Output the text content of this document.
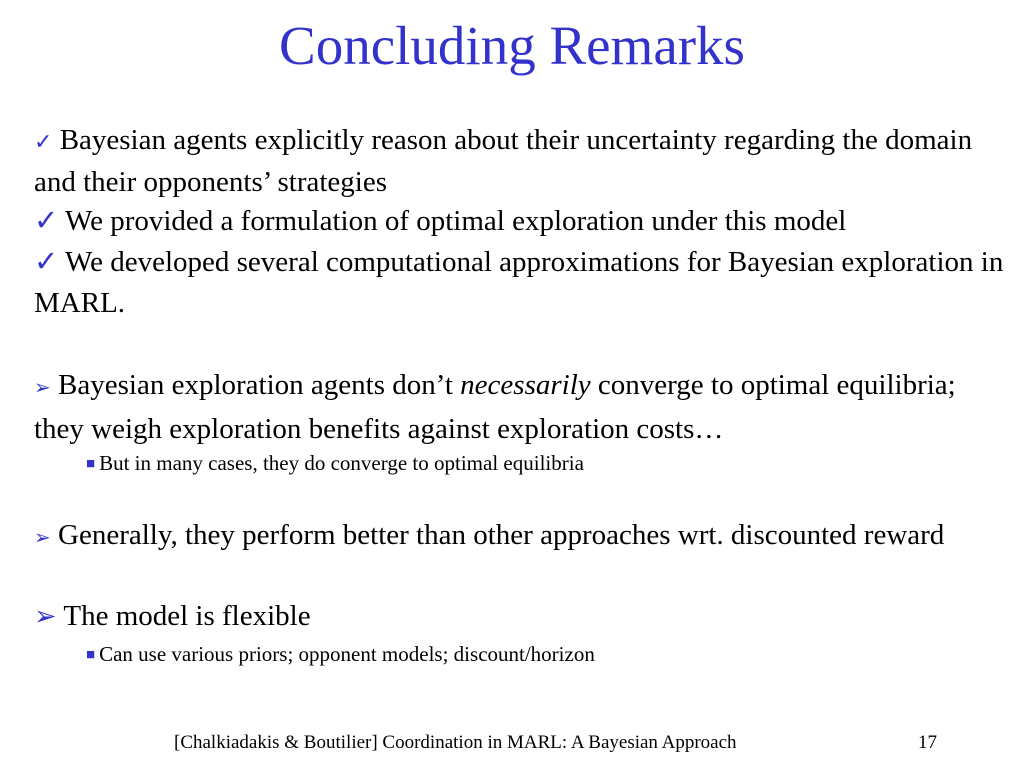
Concluding Remarks
✓ Bayesian agents explicitly reason about their uncertainty regarding the domain and their opponents’ strategies
✓ We provided a formulation of optimal exploration under this model
✓ We developed several computational approximations for Bayesian exploration in MARL.
➢ Bayesian exploration agents don’t necessarily converge to optimal equilibria; they weigh exploration benefits against exploration costs…
■ But in many cases, they do converge to optimal equilibria
➢ Generally, they perform better than other approaches wrt. discounted reward
➢ The model is flexible
■ Can use various priors; opponent models; discount/horizon
[Chalkiadakis & Boutilier] Coordination in MARL: A Bayesian Approach	17
